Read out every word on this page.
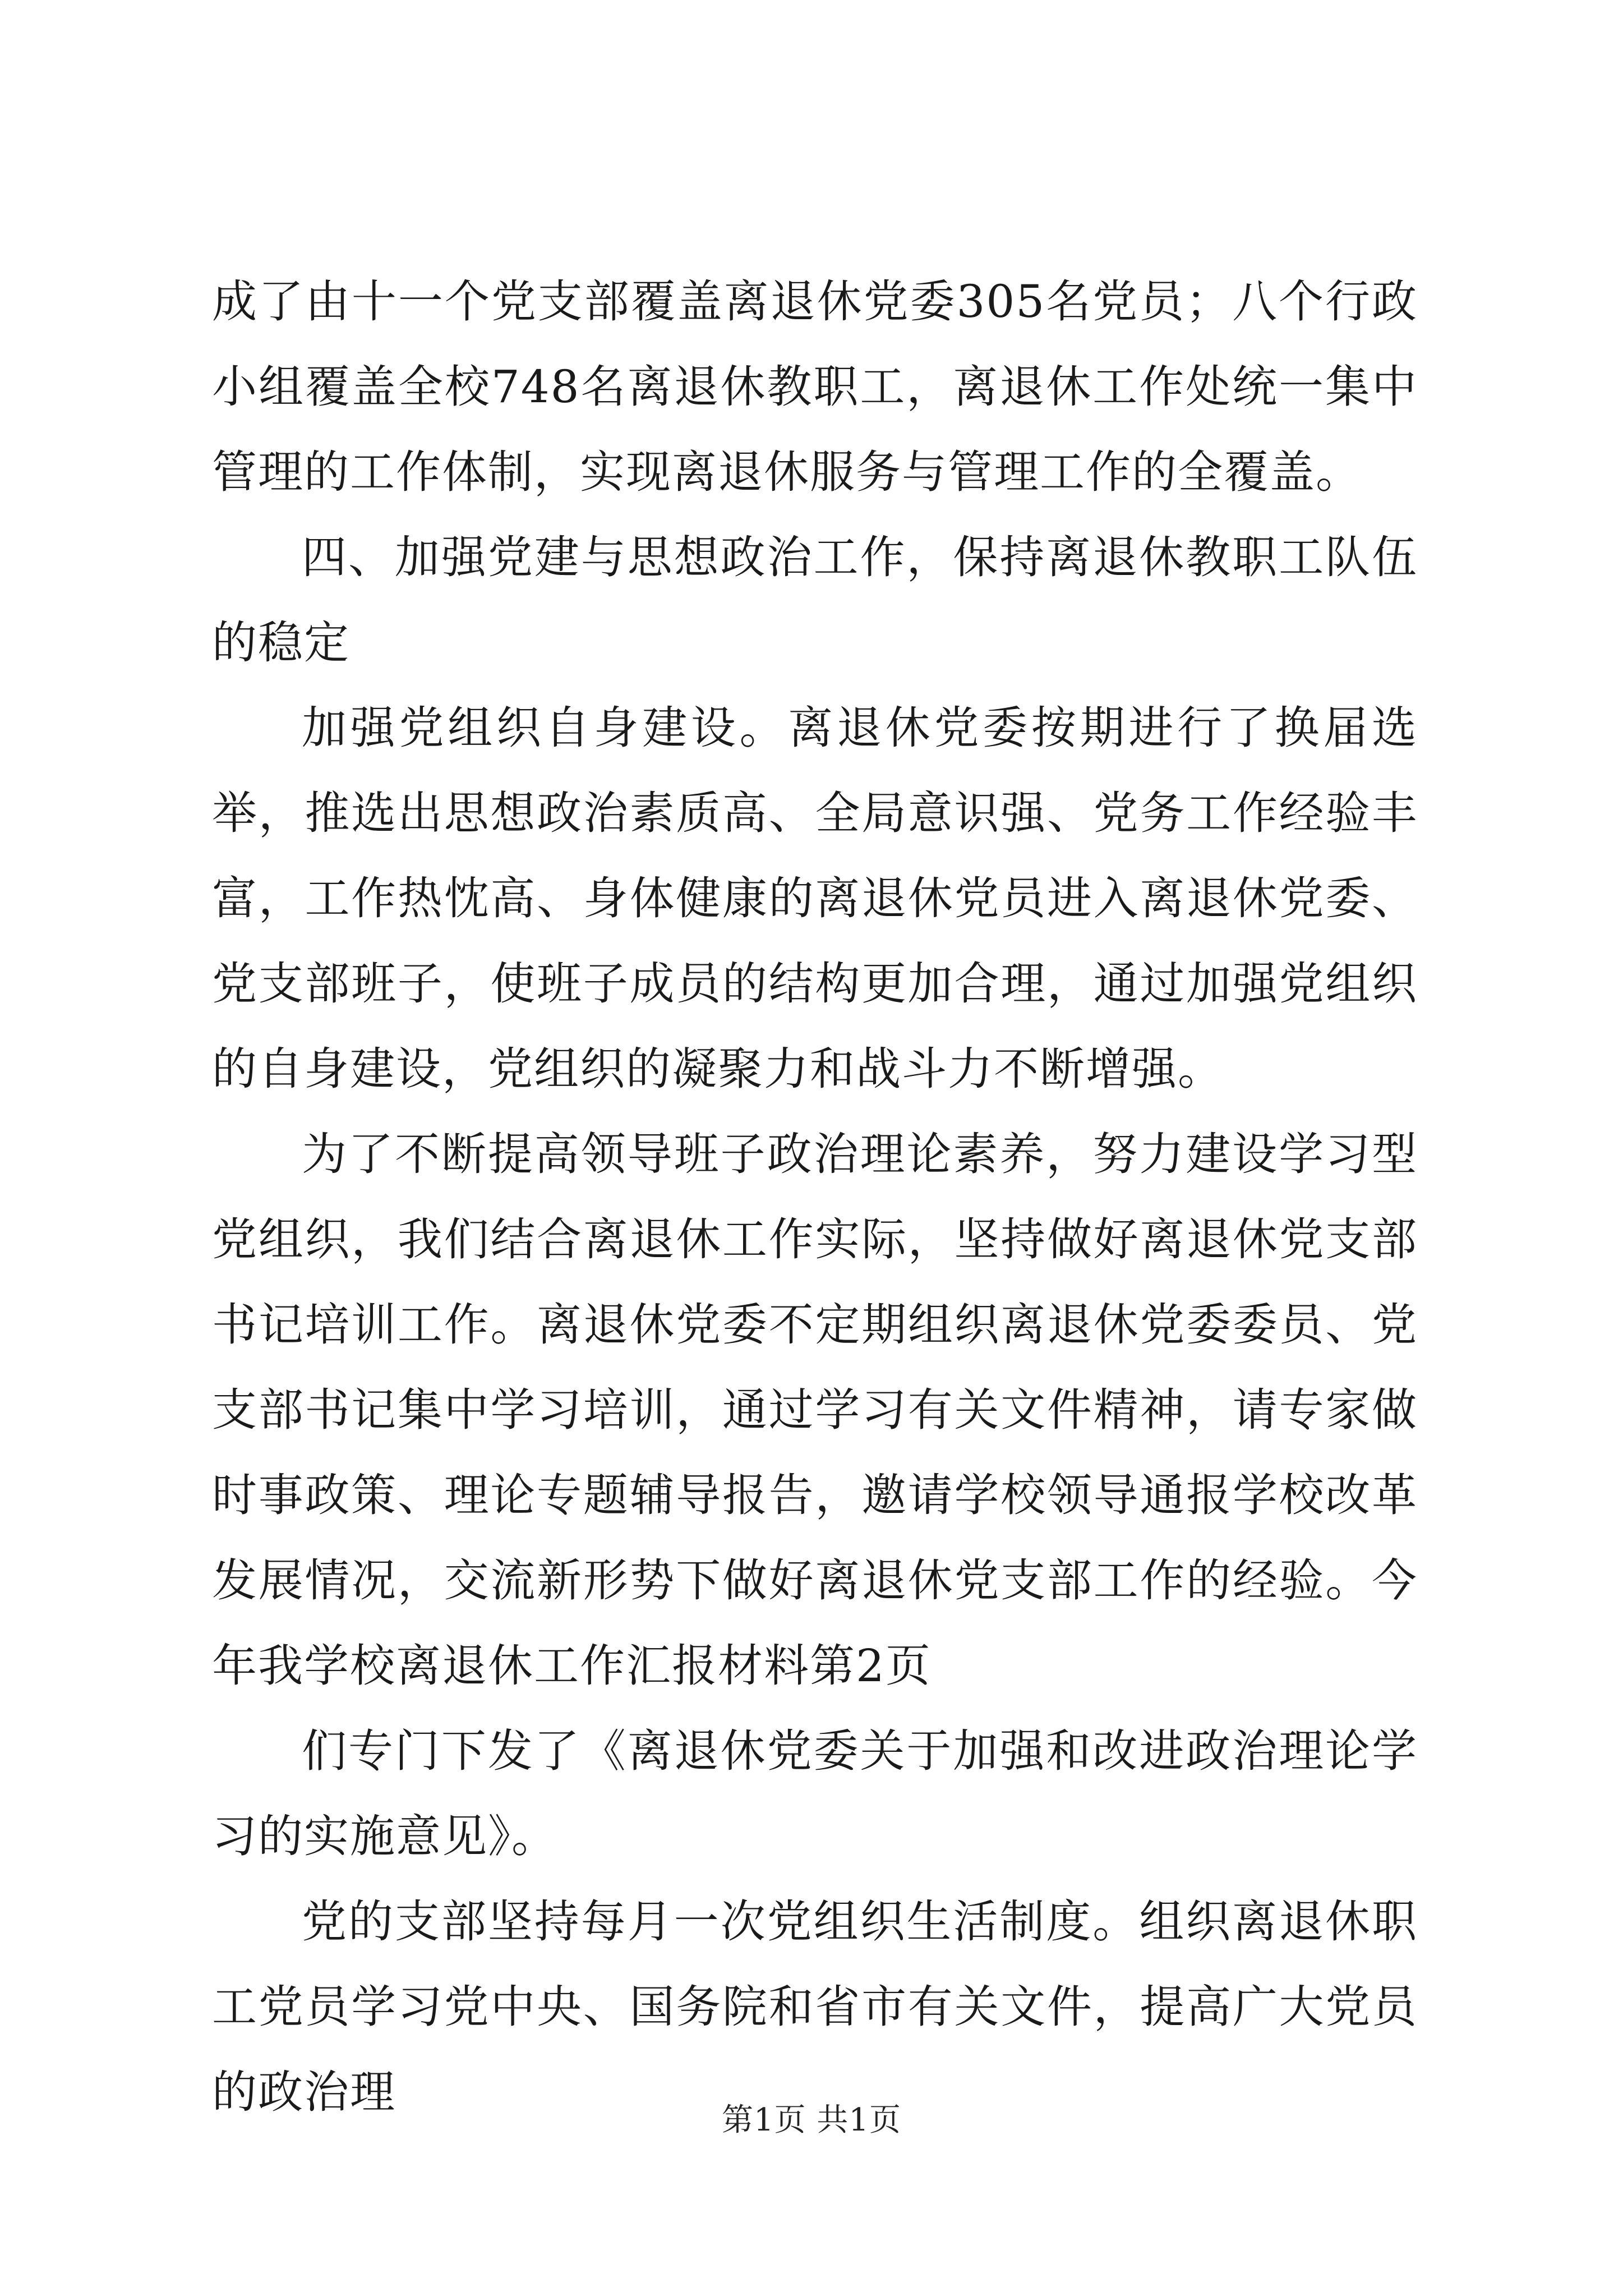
成了由十一个党支部覆盖离退休党委305名党员；八个行政小组覆盖全校748名离退休教职工，离退休工作处统一集中管理的工作体制，实现离退休服务与管理工作的全覆盖。

四、加强党建与思想政治工作，保持离退休教职工队伍的稳定

加强党组织自身建设。离退休党委按期进行了换届选举，推选出思想政治素质高、全局意识强、党务工作经验丰富，工作热忱高、身体健康的离退休党员进入离退休党委、党支部班子，使班子成员的结构更加合理，通过加强党组织的自身建设，党组织的凝聚力和战斗力不断增强。

为了不断提高领导班子政治理论素养，努力建设学习型党组织，我们结合离退休工作实际，坚持做好离退休党支部书记培训工作。离退休党委不定期组织离退休党委委员、党支部书记集中学习培训，通过学习有关文件精神，请专家做时事政策、理论专题辅导报告，邀请学校领导通报学校改革发展情况，交流新形势下做好离退休党支部工作的经验。今年我学校离退休工作汇报材料第2页

们专门下发了《离退休党委关于加强和改进政治理论学习的实施意见》。

党的支部坚持每月一次党组织生活制度。组织离退休职工党员学习党中央、国务院和省市有关文件，提高广大党员的政治理

第1页 共1页
